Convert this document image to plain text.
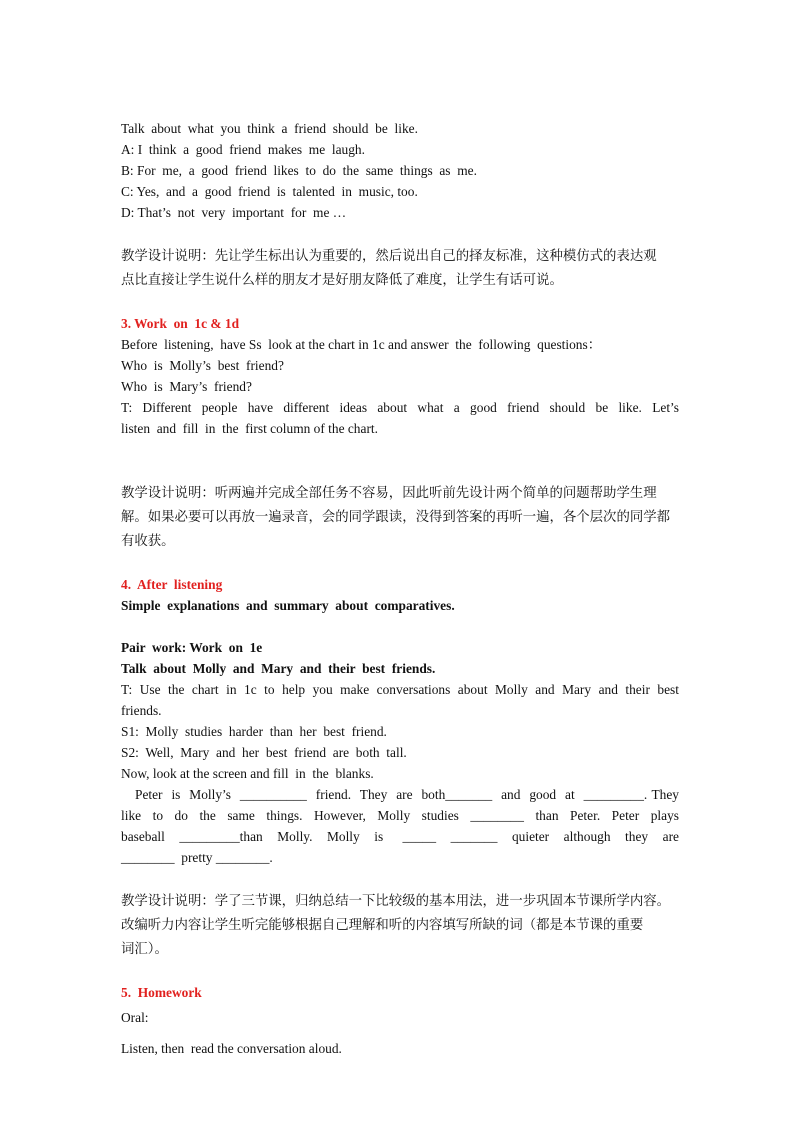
Talk  about  what  you  think  a  friend  should  be  like.
A: I  think  a  good  friend  makes  me  laugh.
B: For  me,  a  good  friend  likes  to  do  the  same  things  as  me.
C: Yes,  and  a  good  friend  is  talented  in  music, too.
D: That’s  not  very  important  for  me …
教学设计说明：先让学生标出认为重要的，然后说出自己的择友标准，这种模仿式的表达观
点比直接让学生说什么样的朋友才是好朋友降低了难度，让学生有话可说。
3. Work  on  1c & 1d
Before  listening,  have Ss  look at the chart in 1c and answer  the  following  questions：
Who  is  Molly’s  best  friend?
Who  is  Mary’s  friend?
T:  Different  people  have  different  ideas  about  what  a  good  friend  should  be  like.  Let’s
listen  and  fill  in  the  first column of the chart.
教学设计说明：听两遍并完成全部任务不容易，因此听前先设计两个简单的问题帮助学生理
解。如果必要可以再放一遍录音，会的同学跟读，没得到答案的再听一遍，各个层次的同学都
有收获。
4.  After  listening
Simple  explanations  and  summary  about  comparatives.
Pair  work: Work  on  1e
Talk  about  Molly  and  Mary  and  their  best  friends.
T:  Use  the  chart  in  1c  to  help  you  make  conversations  about  Molly  and  Mary  and  their  best
friends.
S1:  Molly  studies  harder  than  her  best  friend.
S2:  Well,  Mary  and  her  best  friend  are  both  tall.
Now, look at the screen and fill  in  the  blanks.
Peter  is  Molly’s  __________  friend.  They  are  both_______  and  good  at  _________. They
like  to  do  the  same  things.  However,  Molly  studies  ________  than  Peter.  Peter  plays
baseball   _________than   Molly.   Molly   is    _____   _______   quieter   although   they   are
________  pretty ________.
教学设计说明：学了三节课，归纳总结一下比较级的基本用法，进一步巩固本节课所学内容。
改编听力内容让学生听完能够根据自己理解和听的内容填写所缺的词（都是本节课的重要
词汇）。
5.  Homework
Oral:
Listen, then  read the conversation aloud.
